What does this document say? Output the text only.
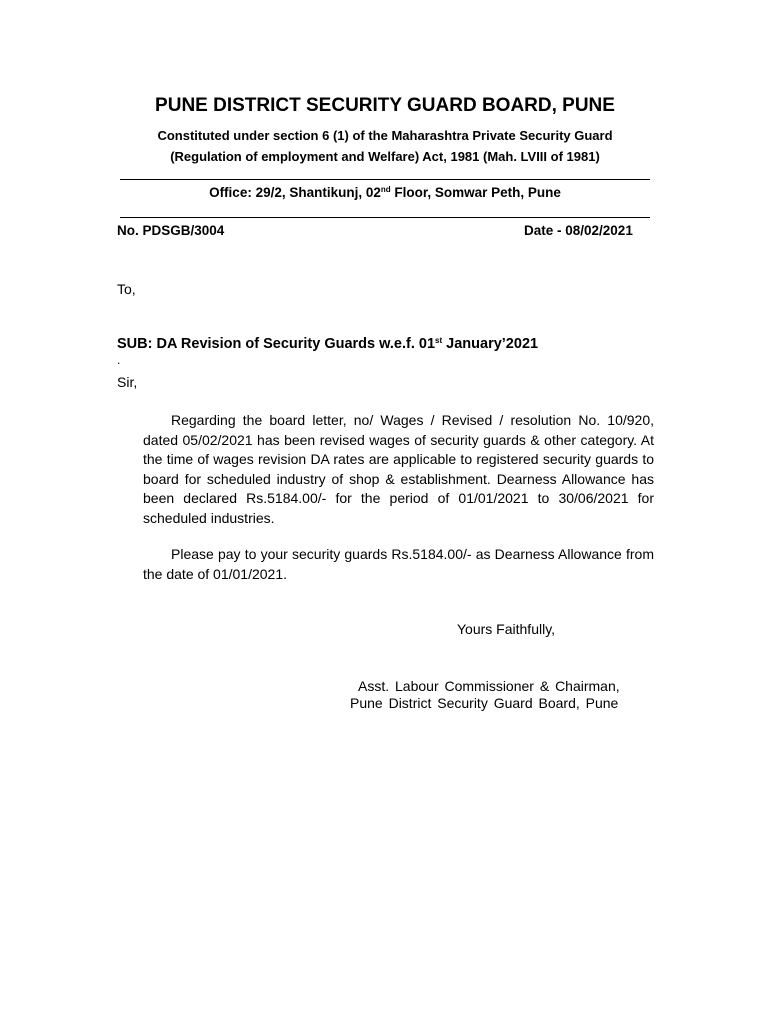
PUNE DISTRICT SECURITY GUARD BOARD, PUNE
Constituted under section 6 (1) of the Maharashtra Private Security Guard
(Regulation of employment and Welfare) Act, 1981 (Mah. LVIII of 1981)
Office: 29/2, Shantikunj, 02nd Floor, Somwar Peth, Pune
No. PDSGB/3004	Date - 08/02/2021
To,
SUB: DA Revision of Security Guards w.e.f. 01st January’2021
.
Sir,
Regarding the board letter, no/ Wages / Revised / resolution No. 10/920, dated 05/02/2021 has been revised wages of security guards & other category. At the time of wages revision DA rates are applicable to registered security guards to board for scheduled industry of shop & establishment. Dearness Allowance has been declared Rs.5184.00/- for the period of 01/01/2021 to 30/06/2021 for scheduled industries.
Please pay to your security guards Rs.5184.00/- as Dearness Allowance from the date of 01/01/2021.
Yours Faithfully,
Asst. Labour Commissioner & Chairman,
Pune District Security Guard Board, Pune
